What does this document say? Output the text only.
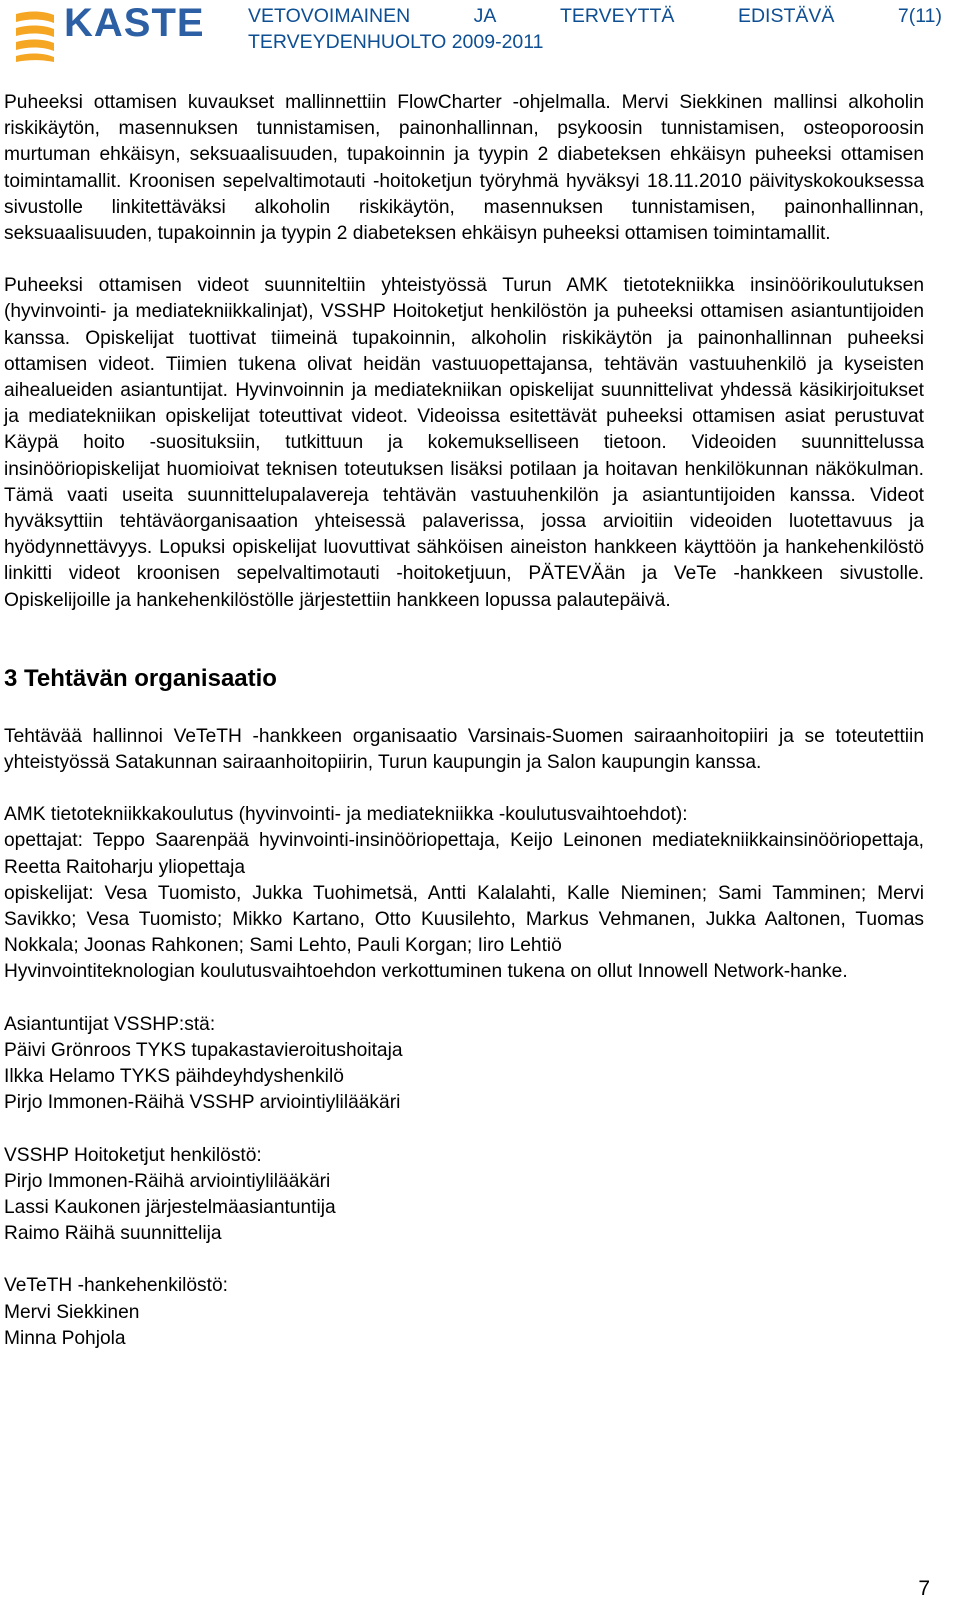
KASTE VETOVOIMAINEN	JA	TERVEYTTÄ	EDISTÄVÄ	7(11)
TERVEYDENHUOLTO 2009-2011

Puheeksi ottamisen kuvaukset mallinnettiin FlowCharter -ohjelmalla. Mervi Siekkinen mallinsi alkoholin riskikäytön, masennuksen tunnistamisen, painonhallinnan, psykoosin tunnistamisen, osteoporoosin murtuman ehkäisyn, seksuaalisuuden, tupakoinnin ja tyypin 2 diabeteksen ehkäisyn puheeksi ottamisen toimintamallit. Kroonisen sepelvaltimotauti -hoitoketjun työryhmä hyväksyi 18.11.2010 päivityskokouksessa sivustolle linkitettäväksi alkoholin riskikäytön, masennuksen tunnistamisen, painonhallinnan, seksuaalisuuden, tupakoinnin ja tyypin 2 diabeteksen ehkäisyn puheeksi ottamisen toimintamallit.

Puheeksi ottamisen videot suunniteltiin yhteistyössä Turun AMK tietotekniikka insinöörikoulutuksen (hyvinvointi- ja mediatekniikkalinjat), VSSHP Hoitoketjut henkilöstön ja puheeksi ottamisen asiantuntijoiden kanssa. Opiskelijat tuottivat tiimeinä tupakoinnin, alkoholin riskikäytön ja painonhallinnan puheeksi ottamisen videot. Tiimien tukena olivat heidän vastuuopettajansa, tehtävän vastuuhenkilö ja kyseisten aihealueiden asiantuntijat. Hyvinvoinnin ja mediatekniikan opiskelijat suunnittelivat yhdessä käsikirjoitukset ja mediatekniikan opiskelijat toteuttivat videot. Videoissa esitettävät puheeksi ottamisen asiat perustuvat Käypä hoito -suosituksiin, tutkittuun ja kokemukselliseen tietoon. Videoiden suunnittelussa insinööriopiskelijat huomioivat teknisen toteutuksen lisäksi potilaan ja hoitavan henkilökunnan näkökulman. Tämä vaati useita suunnittelupalavereja tehtävän vastuuhenkilön ja asiantuntijoiden kanssa. Videot hyväksyttiin tehtäväorganisaation yhteisessä palaverissa, jossa arvioitiin videoiden luotettavuus ja hyödynnettävyys. Lopuksi opiskelijat luovuttivat sähköisen aineiston hankkeen käyttöön ja hankehenkilöstö linkitti videot kroonisen sepelvaltimotauti -hoitoketjuun, PÄTEVÄän ja VeTe -hankkeen sivustolle. Opiskelijoille ja hankehenkilöstölle järjestettiin hankkeen lopussa palautepäivä.

3 Tehtävän organisaatio

Tehtävää hallinnoi VeTeTH -hankkeen organisaatio Varsinais-Suomen sairaanhoitopiiri ja se toteutettiin yhteistyössä Satakunnan sairaanhoitopiirin, Turun kaupungin ja Salon kaupungin kanssa.

AMK tietotekniikkakoulutus (hyvinvointi- ja mediatekniikka -koulutusvaihtoehdot):

opettajat: Teppo Saarenpää hyvinvointi-insinööriopettaja, Keijo Leinonen mediatekniikkainsinööriopettaja, Reetta Raitoharju yliopettaja

opiskelijat: Vesa Tuomisto, Jukka Tuohimetsä, Antti Kalalahti, Kalle Nieminen; Sami Tamminen; Mervi Savikko; Vesa Tuomisto; Mikko Kartano, Otto Kuusilehto, Markus Vehmanen, Jukka Aaltonen, Tuomas Nokkala; Joonas Rahkonen; Sami Lehto, Pauli Korgan; Iiro Lehtiö

Hyvinvointiteknologian koulutusvaihtoehdon verkottuminen tukena on ollut Innowell Network-hanke.

Asiantuntijat VSSHP:stä:
Päivi Grönroos TYKS tupakastavieroitushoitaja
Ilkka Helamo TYKS päihdeyhdyshenkilö
Pirjo Immonen-Räihä VSSHP arviointiylilääkäri
VSSHP Hoitoketjut henkilöstö:
Pirjo Immonen-Räihä arviointiylilääkäri
Lassi Kaukonen järjestelmäasiantuntija
Raimo Räihä suunnittelija
VeTeTH -hankehenkilöstö:
Mervi Siekkinen
Minna Pohjola
7
